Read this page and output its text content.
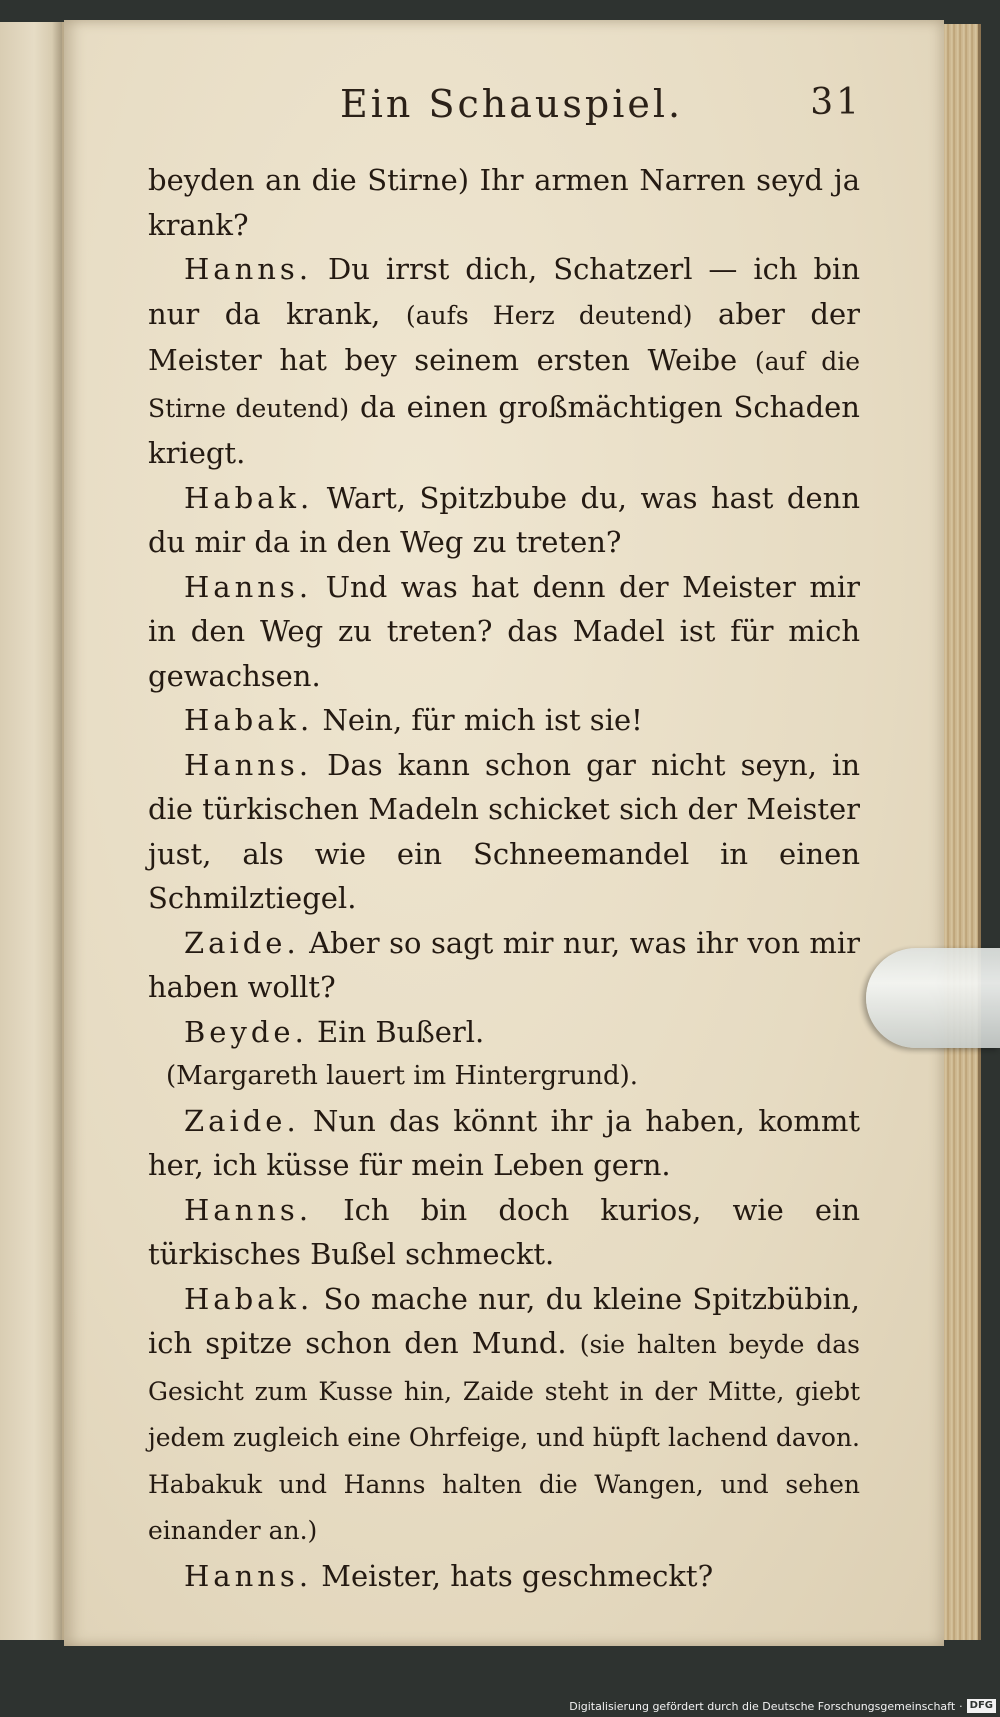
Ein Schauspiel.	31

beyden an die Stirne) Ihr armen Narren seyd ja krank?

Hanns. Du irrst dich, Schatzerl — ich bin nur da krank, (aufs Herz deutend) aber der Meister hat bey seinem ersten Weibe (auf die Stirne deutend) da einen großmächtigen Schaden kriegt.

Habak. Wart, Spitzbube du, was hast denn du mir da in den Weg zu treten?

Hanns. Und was hat denn der Meister mir in den Weg zu treten? das Madel ist für mich gewachsen.

Habak. Nein, für mich ist sie!

Hanns. Das kann schon gar nicht seyn, in die türkischen Madeln schicket sich der Meister just, als wie ein Schneemandel in einen Schmilztiegel.

Zaide. Aber so sagt mir nur, was ihr von mir haben wollt?

Beyde. Ein Bußerl.

(Margareth lauert im Hintergrund).

Zaide. Nun das könnt ihr ja haben, kommt her, ich küsse für mein Leben gern.

Hanns. Ich bin doch kurios, wie ein türkisches Bußel schmeckt.

Habak. So mache nur, du kleine Spitzbübin, ich spitze schon den Mund. (sie halten beyde das Gesicht zum Kusse hin, Zaide steht in der Mitte, giebt jedem zugleich eine Ohrfeige, und hüpft lachend davon. Habakuk und Hanns halten die Wangen, und sehen einander an.)

Hanns. Meister, hats geschmeckt?

Digitalisierung gefördert durch die Deutsche Forschungsgemeinschaft · DFG
